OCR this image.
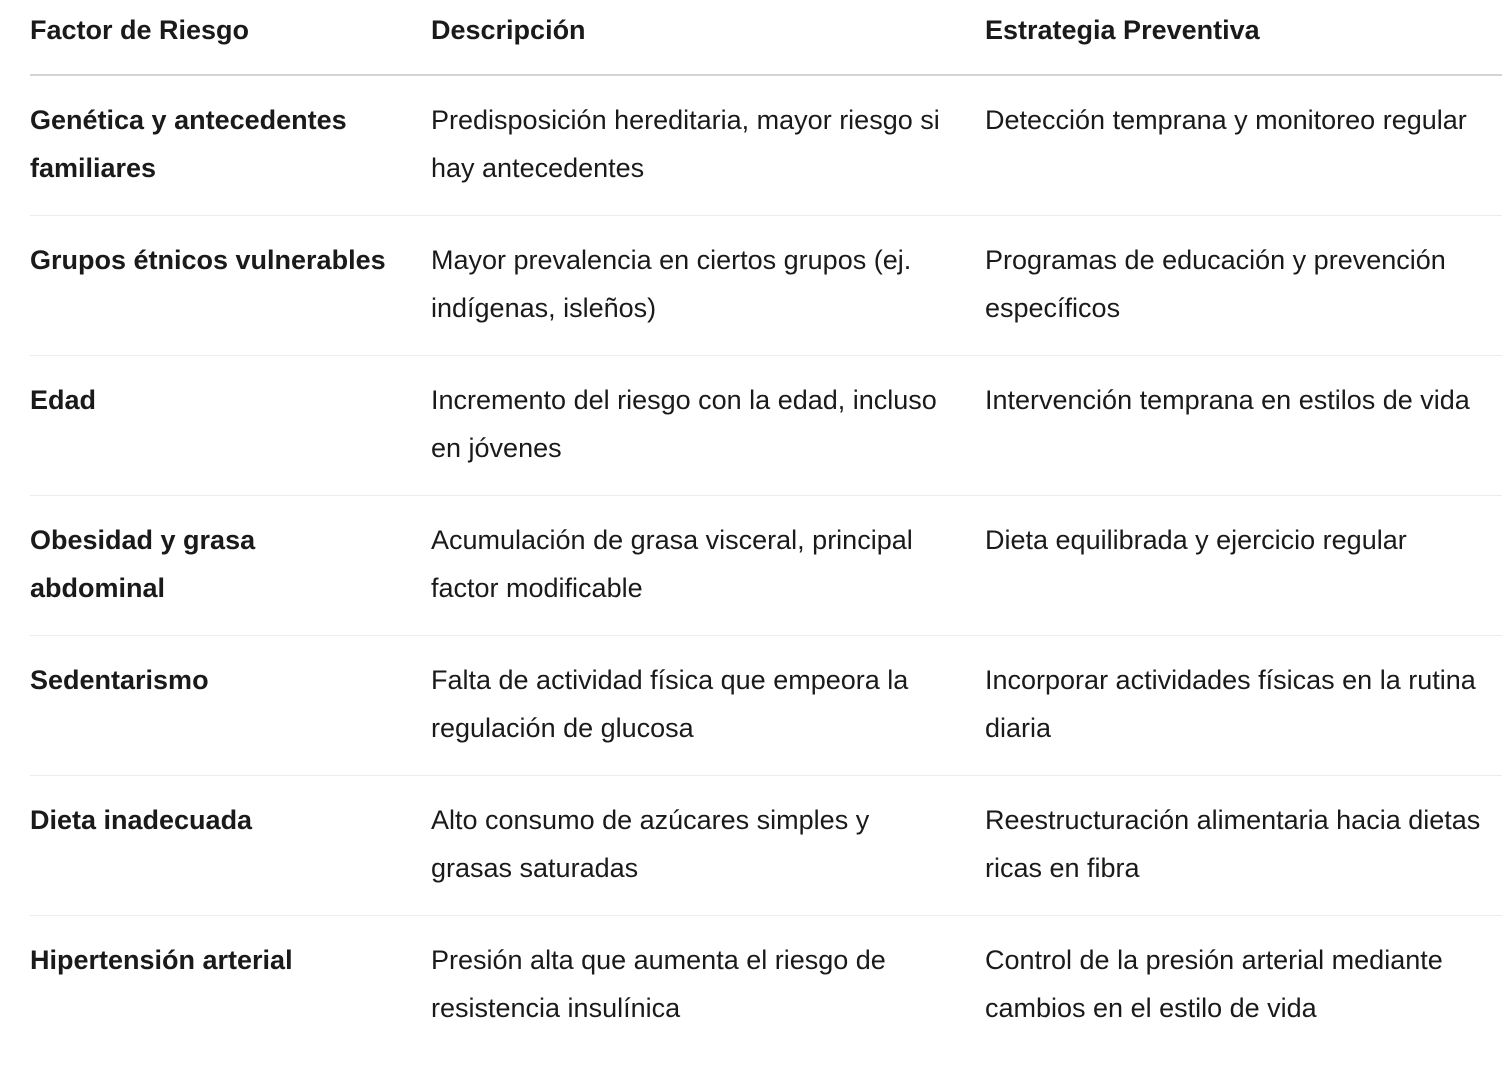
Factor de Riesgo	Descripción	Estrategia Preventiva
Genética y antecedentes familiares	Predisposición hereditaria, mayor riesgo si hay antecedentes	Detección temprana y monitoreo regular
Grupos étnicos vulnerables	Mayor prevalencia en ciertos grupos (ej. indígenas, isleños)	Programas de educación y prevención específicos
Edad	Incremento del riesgo con la edad, incluso en jóvenes	Intervención temprana en estilos de vida
Obesidad y grasa abdominal	Acumulación de grasa visceral, principal factor modificable	Dieta equilibrada y ejercicio regular
Sedentarismo	Falta de actividad física que empeora la regulación de glucosa	Incorporar actividades físicas en la rutina diaria
Dieta inadecuada	Alto consumo de azúcares simples y grasas saturadas	Reestructuración alimentaria hacia dietas ricas en fibra
Hipertensión arterial	Presión alta que aumenta el riesgo de resistencia insulínica	Control de la presión arterial mediante cambios en el estilo de vida
